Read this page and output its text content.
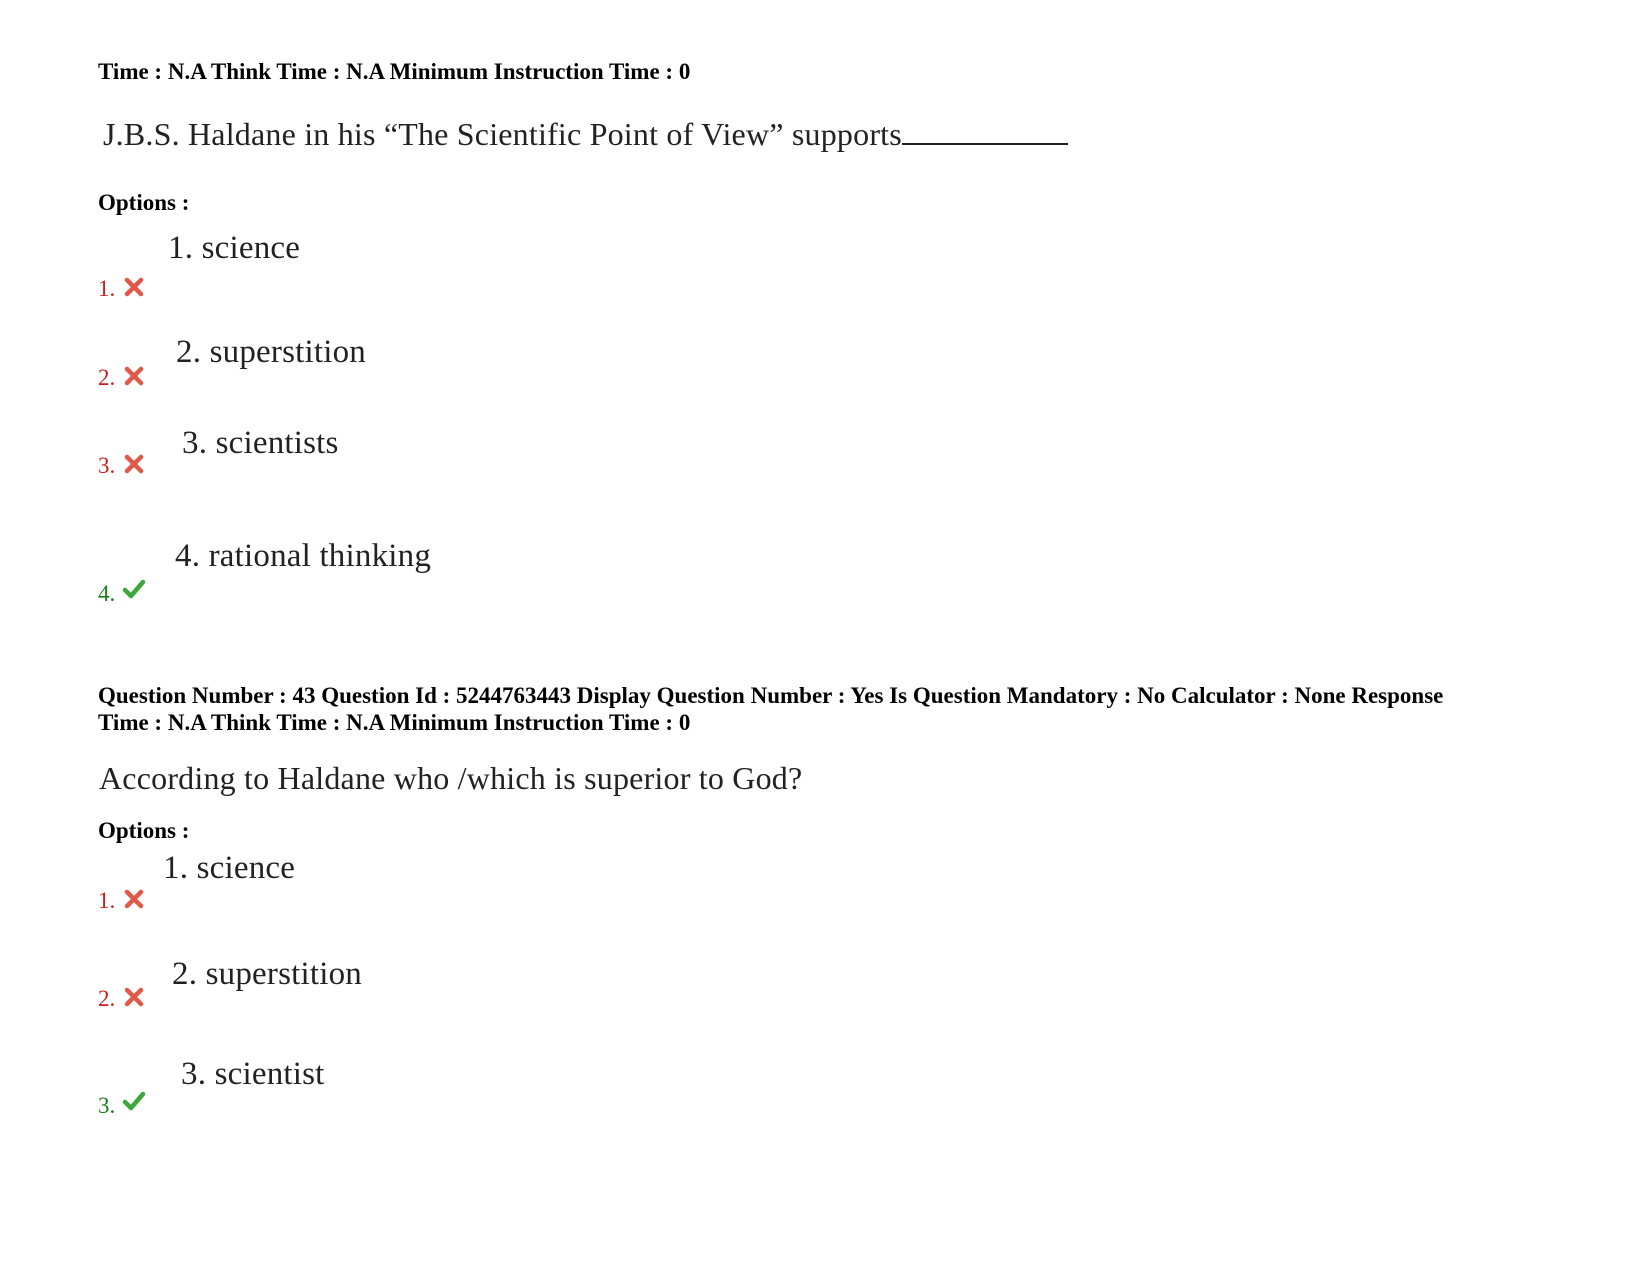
Time : N.A Think Time : N.A Minimum Instruction Time : 0
J.B.S. Haldane in his “The Scientific Point of View” supports
Options :
1.
1. science
2.
2. superstition
3.
3. scientists
4.
4. rational thinking
Question Number : 43 Question Id : 5244763443 Display Question Number : Yes Is Question Mandatory : No Calculator : None Response
Time : N.A Think Time : N.A Minimum Instruction Time : 0
According to Haldane who /which is superior to God?
Options :
1.
1. science
2.
2. superstition
3.
3. scientist
